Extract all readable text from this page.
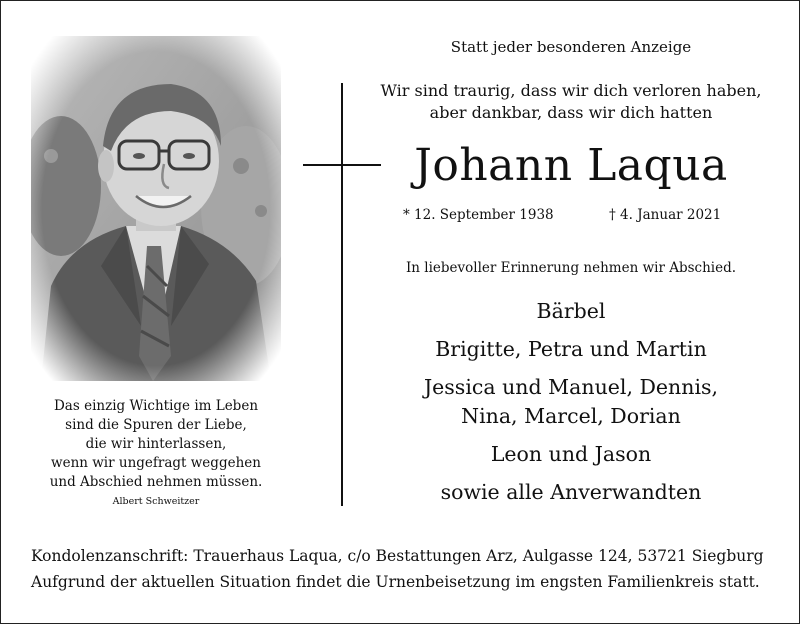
Das einzig Wichtige im Leben
sind die Spuren der Liebe,
die wir hinterlassen,
wenn wir ungefragt weggehen
und Abschied nehmen müssen.
Albert Schweitzer
Statt jeder besonderen Anzeige
Wir sind traurig, dass wir dich verloren haben,
aber dankbar, dass wir dich hatten
Johann Laqua
* 12. September 1938	† 4. Januar 2021
In liebevoller Erinnerung nehmen wir Abschied.
Bärbel
Brigitte, Petra und Martin
Jessica und Manuel, Dennis,
Nina, Marcel, Dorian
Leon und Jason
sowie alle Anverwandten
Kondolenzanschrift: Trauerhaus Laqua, c/o Bestattungen Arz, Aulgasse 124, 53721 Siegburg
Aufgrund der aktuellen Situation findet die Urnenbeisetzung im engsten Familienkreis statt.
